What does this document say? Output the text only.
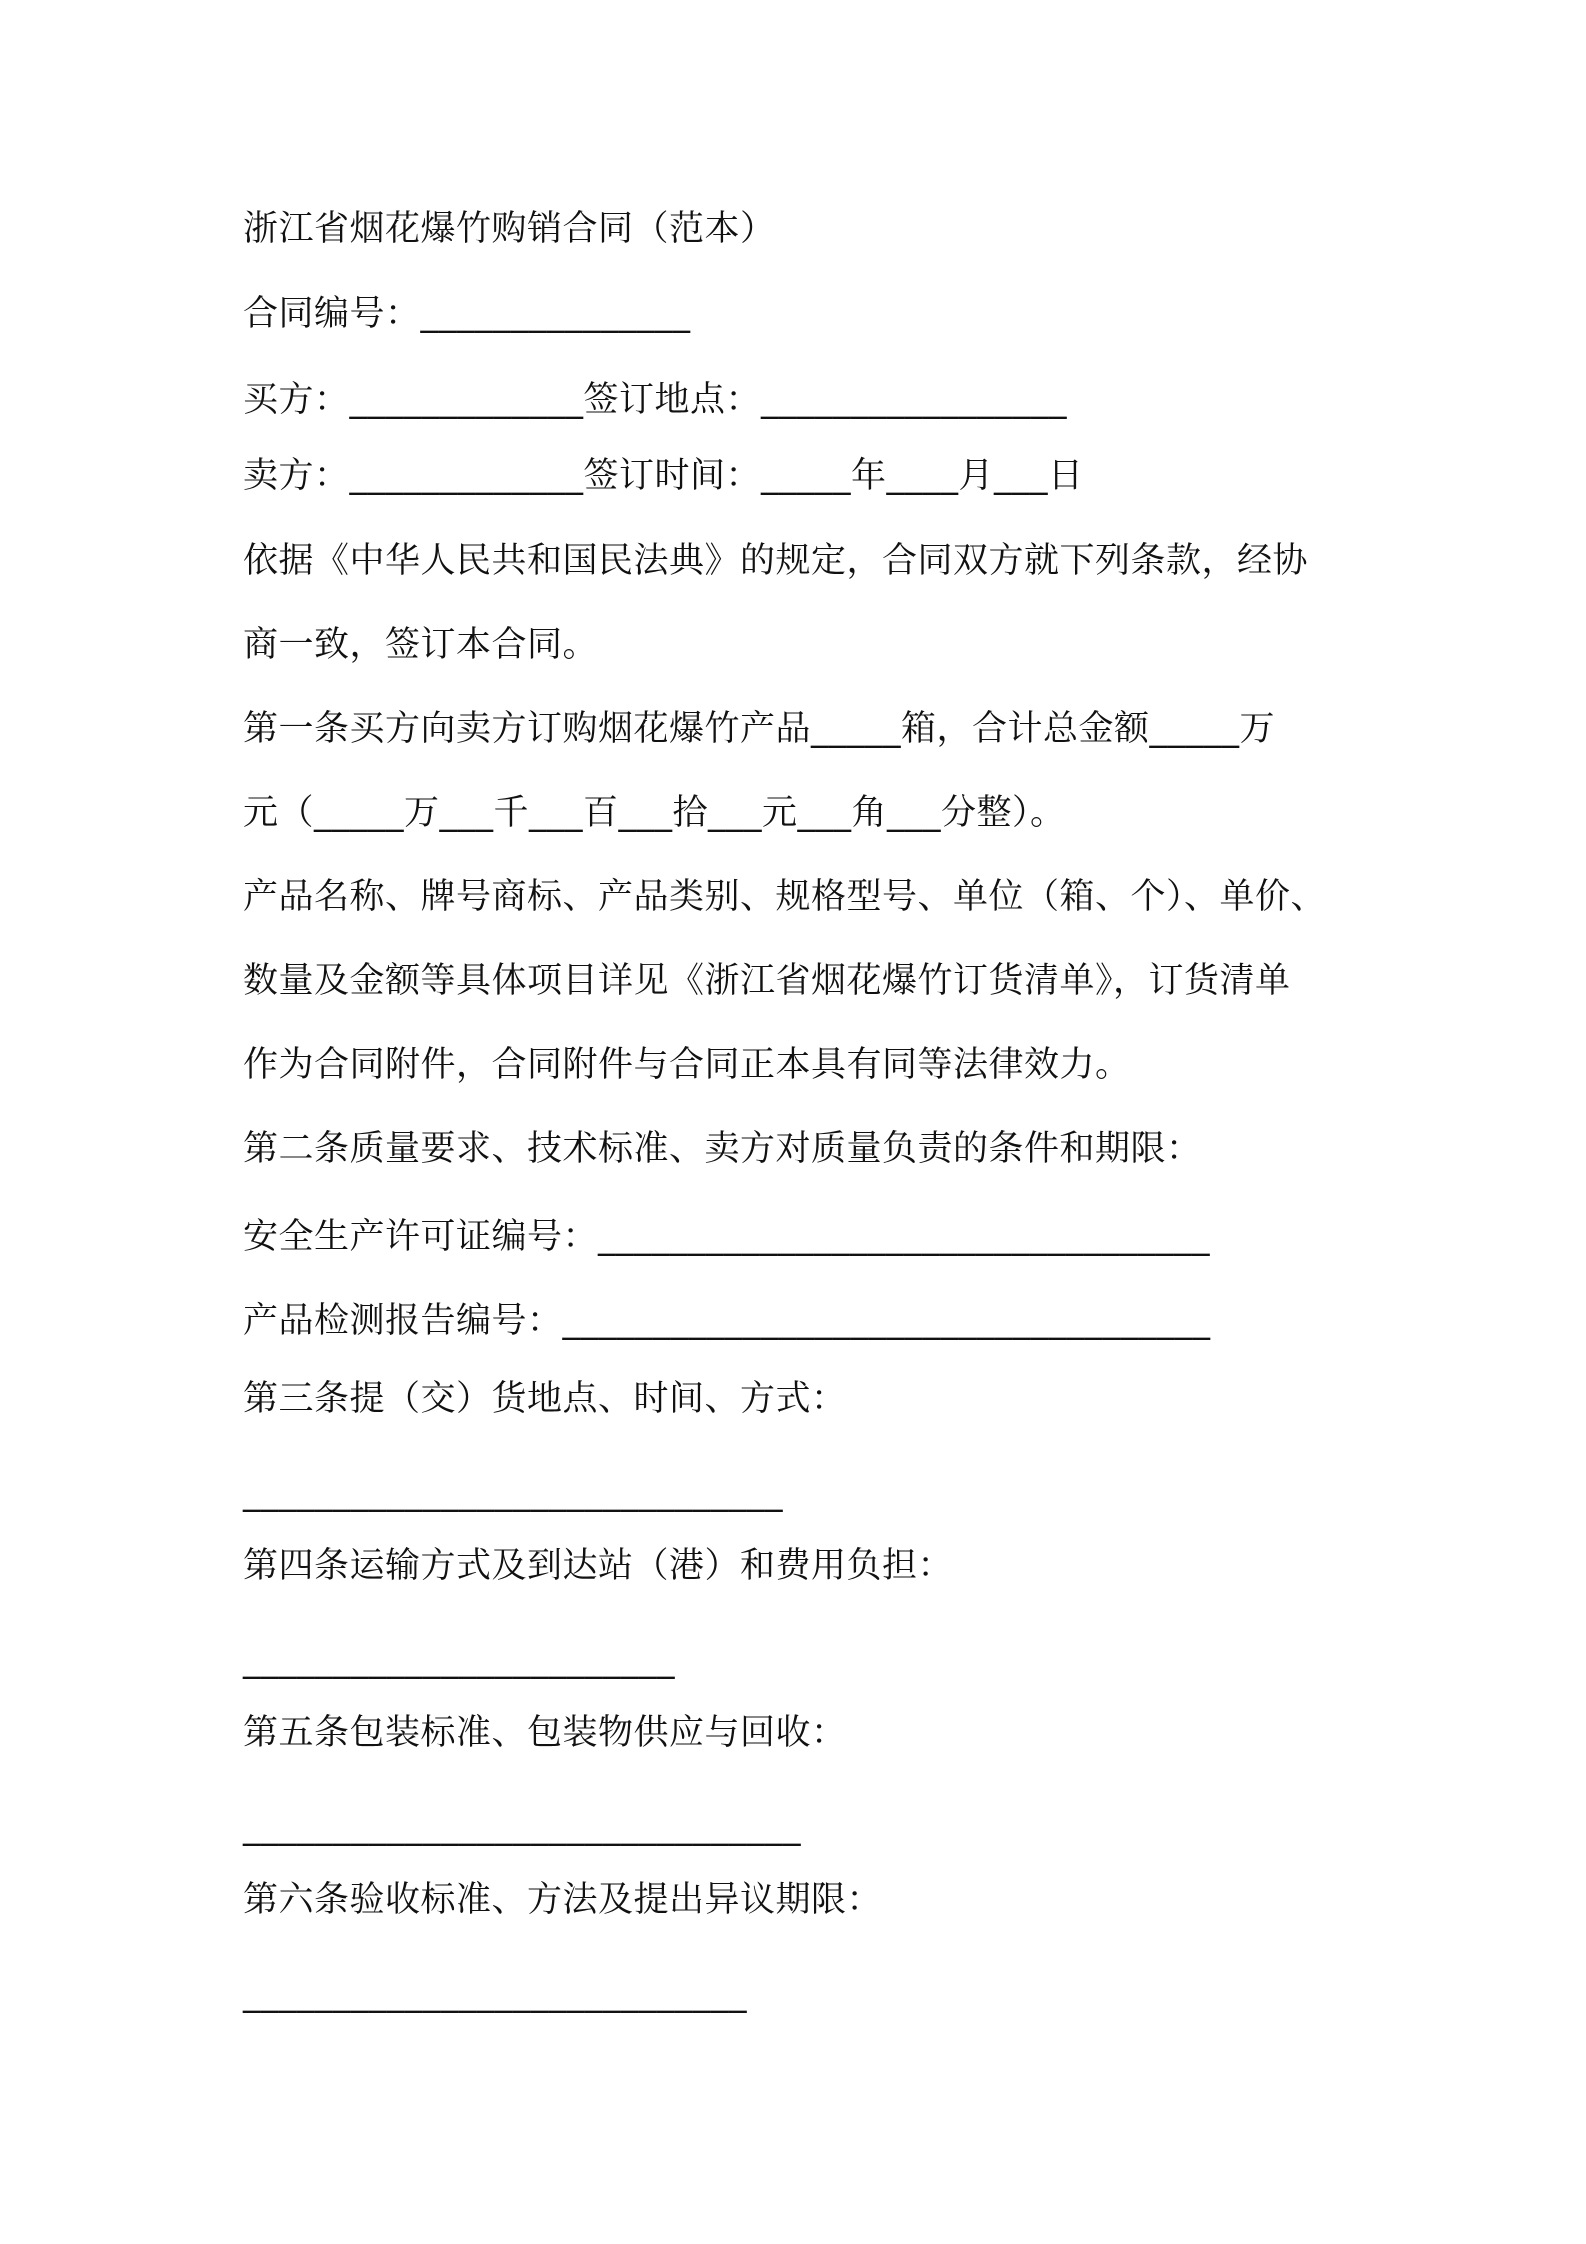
浙江省烟花爆竹购销合同（范本）
合同编号：_______________
买方：_____________签订地点：_________________
卖方：_____________签订时间：_____年____月___日
依据《中华人民共和国民法典》的规定，合同双方就下列条款，经协
商一致，签订本合同。
第一条买方向卖方订购烟花爆竹产品_____箱，合计总金额_____万
元（_____万___千___百___拾___元___角___分整）。
产品名称、牌号商标、产品类别、规格型号、单位（箱、个）、单价、
数量及金额等具体项目详见《浙江省烟花爆竹订货清单》，订货清单
作为合同附件，合同附件与合同正本具有同等法律效力。
第二条质量要求、技术标准、卖方对质量负责的条件和期限：
安全生产许可证编号：__________________________________
产品检测报告编号：____________________________________
第三条提（交）货地点、时间、方式：
______________________________
第四条运输方式及到达站（港）和费用负担：
________________________
第五条包装标准、包装物供应与回收：
_______________________________
第六条验收标准、方法及提出异议期限：
____________________________
